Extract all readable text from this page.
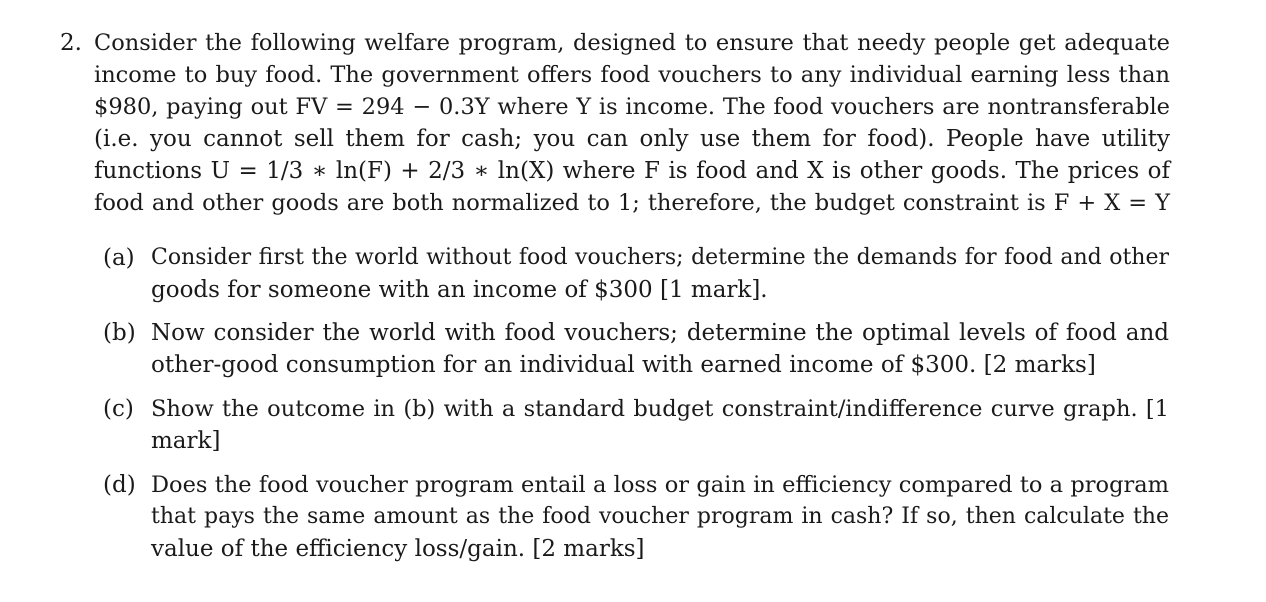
2. Consider the following welfare program, designed to ensure that needy people get adequate
income to buy food. The government offers food vouchers to any individual earning less than
$980, paying out FV = 294 − 0.3Y where Y is income. The food vouchers are nontransferable
(i.e. you cannot sell them for cash; you can only use them for food). People have utility
functions U = 1/3 ∗ ln(F) + 2/3 ∗ ln(X) where F is food and X is other goods. The prices of
food and other goods are both normalized to 1; therefore, the budget constraint is F + X = Y
(a) Consider first the world without food vouchers; determine the demands for food and other
goods for someone with an income of $300 [1 mark].
(b) Now consider the world with food vouchers; determine the optimal levels of food and
other-good consumption for an individual with earned income of $300. [2 marks]
(c) Show the outcome in (b) with a standard budget constraint/indifference curve graph. [1
mark]
(d) Does the food voucher program entail a loss or gain in efficiency compared to a program
that pays the same amount as the food voucher program in cash? If so, then calculate the
value of the efficiency loss/gain. [2 marks]
